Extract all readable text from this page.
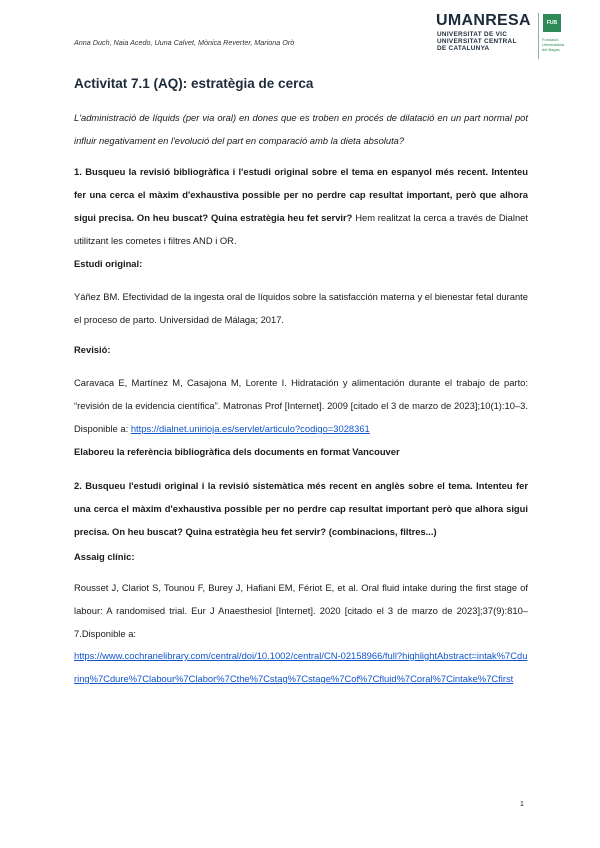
Anna Duch, Naia Acedo, Uuna Calvet, Mònica Reverter, Mariona Orò
UMANRESA
UNIVERSITAT DE VIC
UNIVERSITAT CENTRAL
DE CATALUNYA
FUB
Fundació Universitària del Bages
Activitat 7.1 (AQ): estratègia de cerca
L'administració de líquids (per via oral) en dones que es troben en procés de dilatació en un part normal pot influir negativament en l'evolució del part en comparació amb la dieta absoluta?
1. Busqueu la revisió bibliogràfica i l'estudi original sobre el tema en espanyol més recent. Intenteu fer una cerca el màxim d'exhaustiva possible per no perdre cap resultat important, però que alhora sigui precisa. On heu buscat? Quina estratègia heu fet servir? Hem realitzat la cerca a través de Dialnet utilitzant les cometes i filtres AND i OR.
Estudi original:
Yáñez BM. Efectividad de la ingesta oral de líquidos sobre la satisfacción materna y el bienestar fetal durante el proceso de parto. Universidad de Málaga; 2017.
Revisió:
Caravaca E, Martínez M, Casajona M, Lorente I. Hidratación y alimentación durante el trabajo de parto: “revisión de la evidencia científica”. Matronas Prof [Internet]. 2009 [citado el 3 de marzo de 2023];10(1):10–3. Disponible a: https://dialnet.unirioja.es/servlet/articulo?codigo=3028361
Elaboreu la referència bibliogràfica dels documents en format Vancouver
2. Busqueu l'estudi original i la revisió sistemàtica més recent en anglès sobre el tema. Intenteu fer una cerca el màxim d'exhaustiva possible per no perdre cap resultat important però que alhora sigui precisa. On heu buscat? Quina estratègia heu fet servir? (combinacions, filtres...)
Assaig clínic:
Rousset J, Clariot S, Tounou F, Burey J, Hafiani EM, Fériot E, et al. Oral fluid intake during the first stage of labour: A randomised trial. Eur J Anaesthesiol [Internet]. 2020 [citado el 3 de marzo de 2023];37(9):810–7.Disponible a:
https://www.cochranelibrary.com/central/doi/10.1002/central/CN-02158966/full?highlightAbstract=intak%7Cduring%7Cdure%7Clabour%7Clabor%7Cthe%7Cstag%7Cstage%7Cof%7Cfluid%7Coral%7Cintake%7Cfirst
1
